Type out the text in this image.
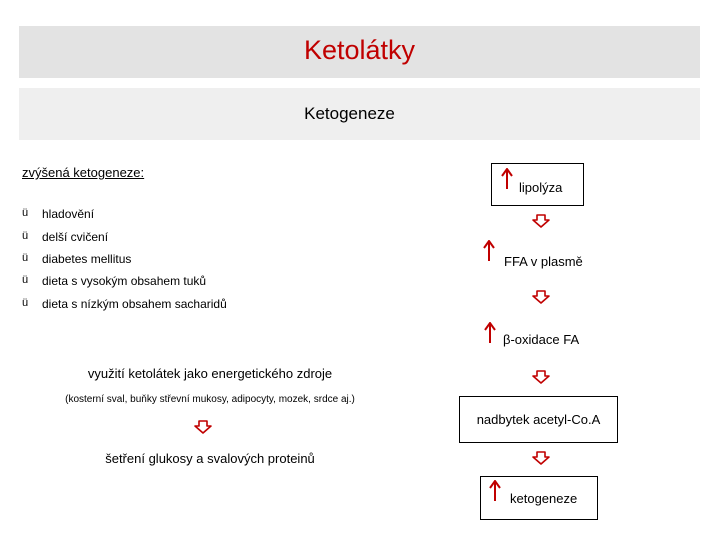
Ketolátky
Ketogeneze
zvýšená ketogeneze:
ü hladovění
ü delší cvičení
ü diabetes mellitus
ü dieta s vysokým obsahem tuků
ü dieta s nízkým obsahem sacharidů
využití ketolátek jako energetického zdroje
(kosterní sval, buňky střevní mukosy, adipocyty, mozek, srdce aj.)
šetření glukosy a svalových proteinů
lipolýza
FFA v plasmě
β-oxidace FA
nadbytek acetyl-Co.A
ketogeneze
